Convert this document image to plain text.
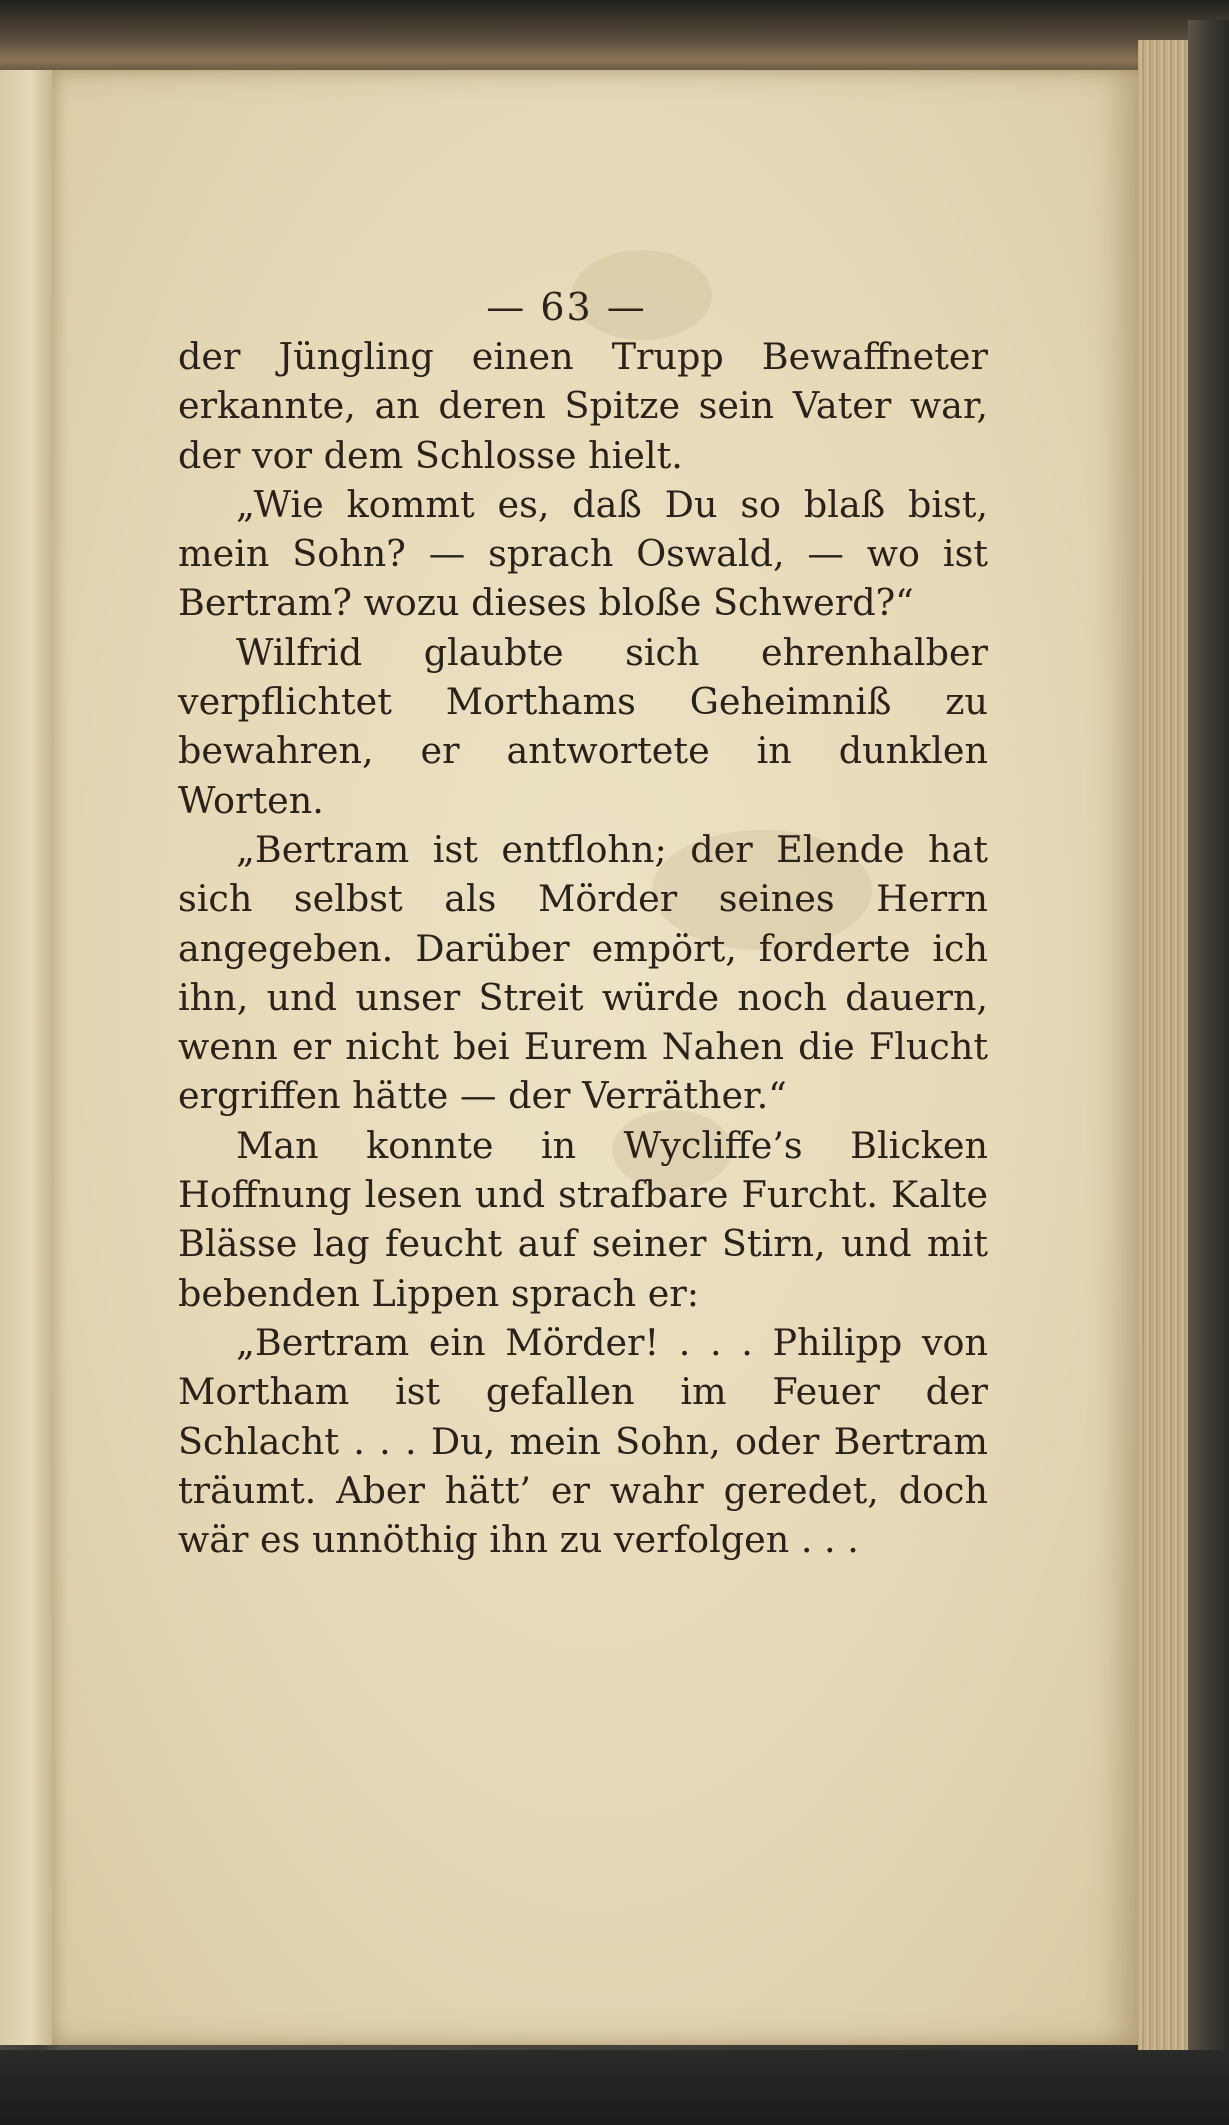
— 63 —

der Jüngling einen Trupp Bewaffneter erkannte, an deren Spitze sein Vater war, der vor dem Schlosse hielt.

„Wie kommt es, daß Du so blaß bist, mein Sohn? — sprach Oswald, — wo ist Bertram? wozu dieses bloße Schwerd?“

Wilfrid glaubte sich ehrenhalber verpflichtet Morthams Geheimniß zu bewahren, er antwortete in dunklen Worten.

„Bertram ist entflohn; der Elende hat sich selbst als Mörder seines Herrn angegeben. Darüber empört, forderte ich ihn, und unser Streit würde noch dauern, wenn er nicht bei Eurem Nahen die Flucht ergriffen hätte — der Verräther.“

Man konnte in Wycliffe’s Blicken Hoffnung lesen und strafbare Furcht. Kalte Blässe lag feucht auf seiner Stirn, und mit bebenden Lippen sprach er:

„Bertram ein Mörder! . . . Philipp von Mortham ist gefallen im Feuer der Schlacht . . . Du, mein Sohn, oder Bertram träumt. Aber hätt’ er wahr geredet, doch wär es unnöthig ihn zu verfolgen . . .
